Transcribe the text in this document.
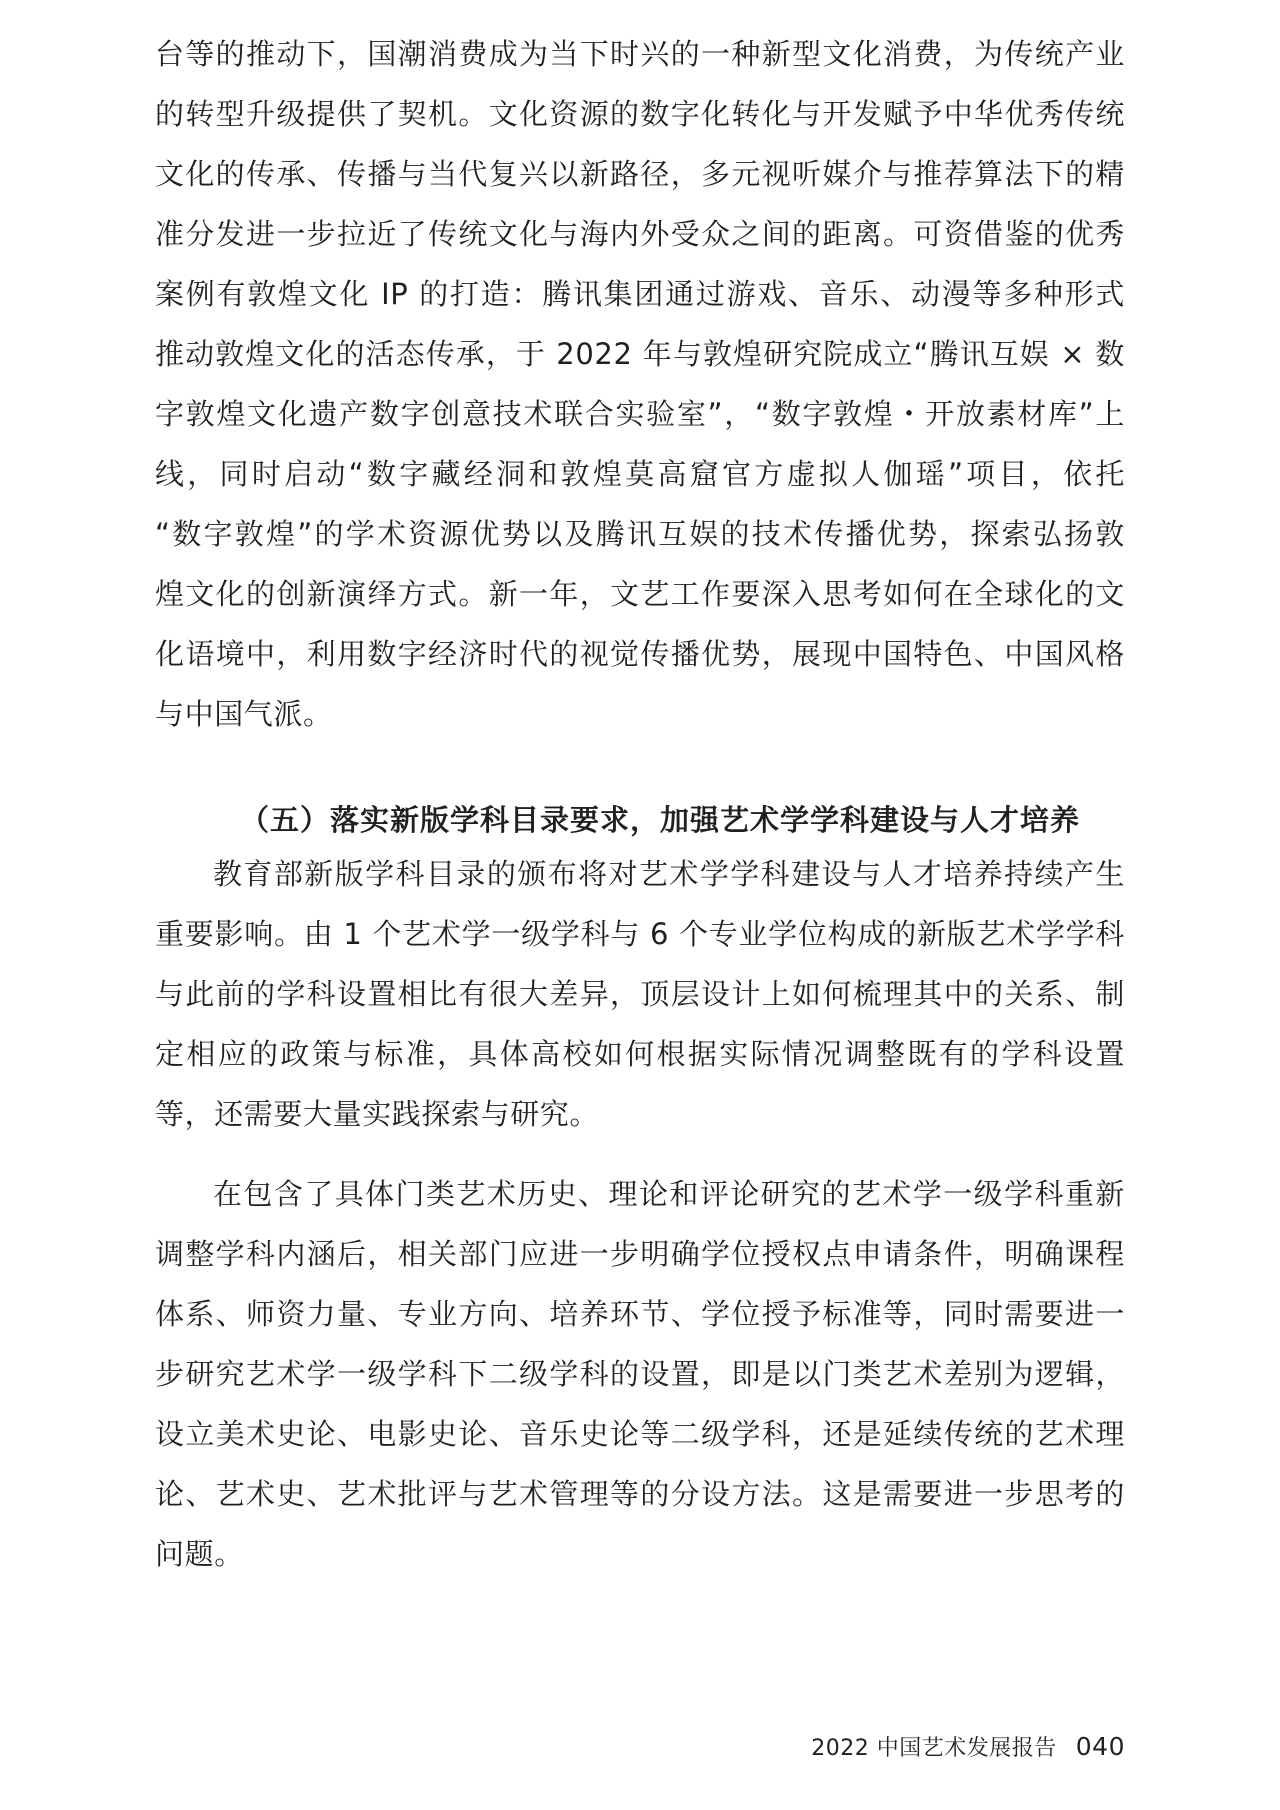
台等的推动下，国潮消费成为当下时兴的一种新型文化消费，为传统产业
的转型升级提供了契机。文化资源的数字化转化与开发赋予中华优秀传统
文化的传承、传播与当代复兴以新路径，多元视听媒介与推荐算法下的精
准分发进一步拉近了传统文化与海内外受众之间的距离。可资借鉴的优秀
案例有敦煌文化 IP 的打造：腾讯集团通过游戏、音乐、动漫等多种形式
推动敦煌文化的活态传承，于 2022 年与敦煌研究院成立“腾讯互娱 × 数
字敦煌文化遗产数字创意技术联合实验室”，“数字敦煌・开放素材库”上
线，同时启动“数字藏经洞和敦煌莫高窟官方虚拟人伽瑶”项目，依托
“数字敦煌”的学术资源优势以及腾讯互娱的技术传播优势，探索弘扬敦
煌文化的创新演绎方式。新一年，文艺工作要深入思考如何在全球化的文
化语境中，利用数字经济时代的视觉传播优势，展现中国特色、中国风格
与中国气派。
（五）落实新版学科目录要求，加强艺术学学科建设与人才培养
教育部新版学科目录的颁布将对艺术学学科建设与人才培养持续产生
重要影响。由 1 个艺术学一级学科与 6 个专业学位构成的新版艺术学学科
与此前的学科设置相比有很大差异，顶层设计上如何梳理其中的关系、制
定相应的政策与标准，具体高校如何根据实际情况调整既有的学科设置
等，还需要大量实践探索与研究。
在包含了具体门类艺术历史、理论和评论研究的艺术学一级学科重新
调整学科内涵后，相关部门应进一步明确学位授权点申请条件，明确课程
体系、师资力量、专业方向、培养环节、学位授予标准等，同时需要进一
步研究艺术学一级学科下二级学科的设置，即是以门类艺术差别为逻辑，
设立美术史论、电影史论、音乐史论等二级学科，还是延续传统的艺术理
论、艺术史、艺术批评与艺术管理等的分设方法。这是需要进一步思考的
问题。
2022 中国艺术发展报告 040
